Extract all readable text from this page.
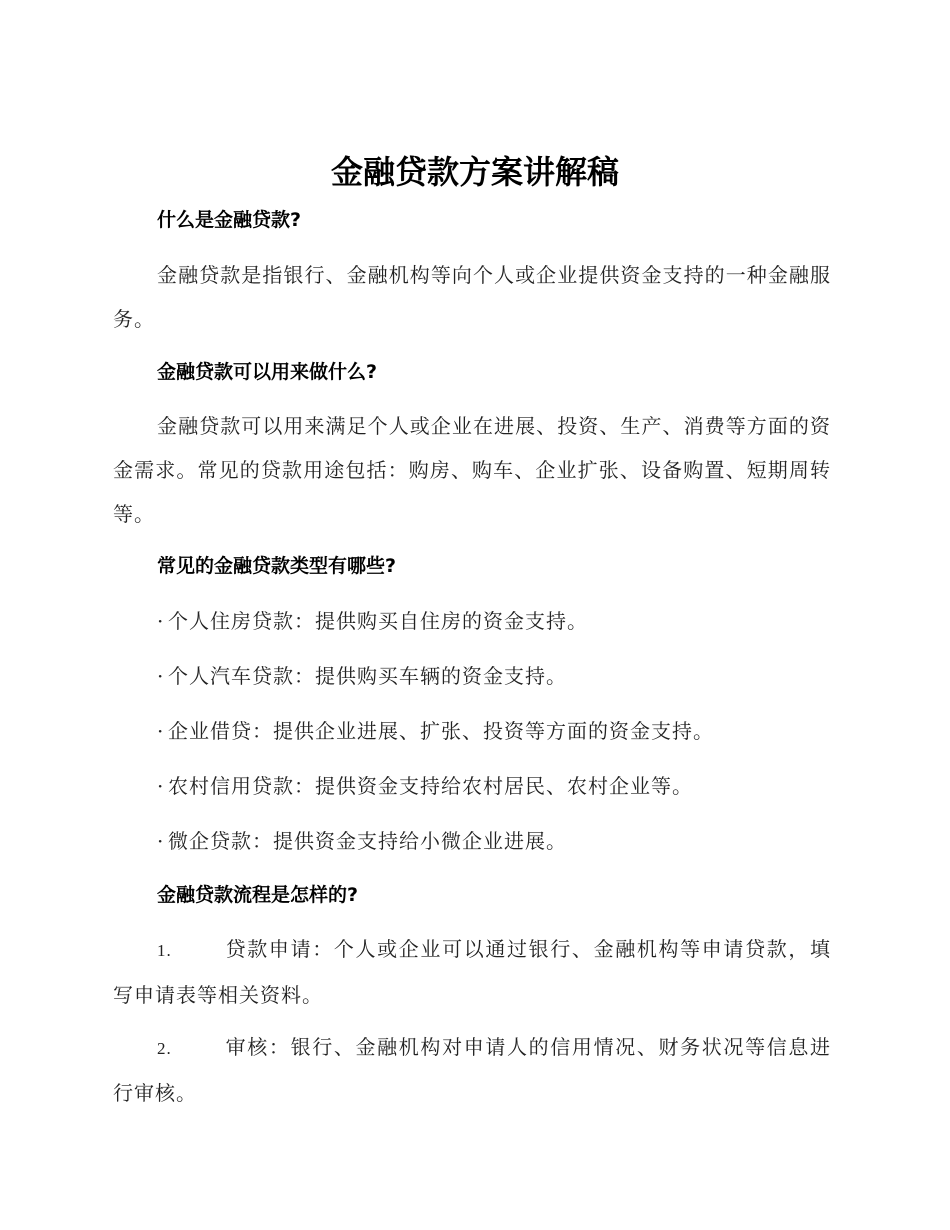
金融贷款方案讲解稿
什么是金融贷款?
金融贷款是指银行、金融机构等向个人或企业提供资金支持的一种金融服务。
金融贷款可以用来做什么?
金融贷款可以用来满足个人或企业在进展、投资、生产、消费等方面的资金需求。常见的贷款用途包括：购房、购车、企业扩张、设备购置、短期周转等。
常见的金融贷款类型有哪些?
· 个人住房贷款：提供购买自住房的资金支持。
· 个人汽车贷款：提供购买车辆的资金支持。
· 企业借贷：提供企业进展、扩张、投资等方面的资金支持。
· 农村信用贷款：提供资金支持给农村居民、农村企业等。
· 微企贷款：提供资金支持给小微企业进展。
金融贷款流程是怎样的?
1.	贷款申请：个人或企业可以通过银行、金融机构等申请贷款，填写申请表等相关资料。
2.	审核：银行、金融机构对申请人的信用情况、财务状况等信息进行审核。
